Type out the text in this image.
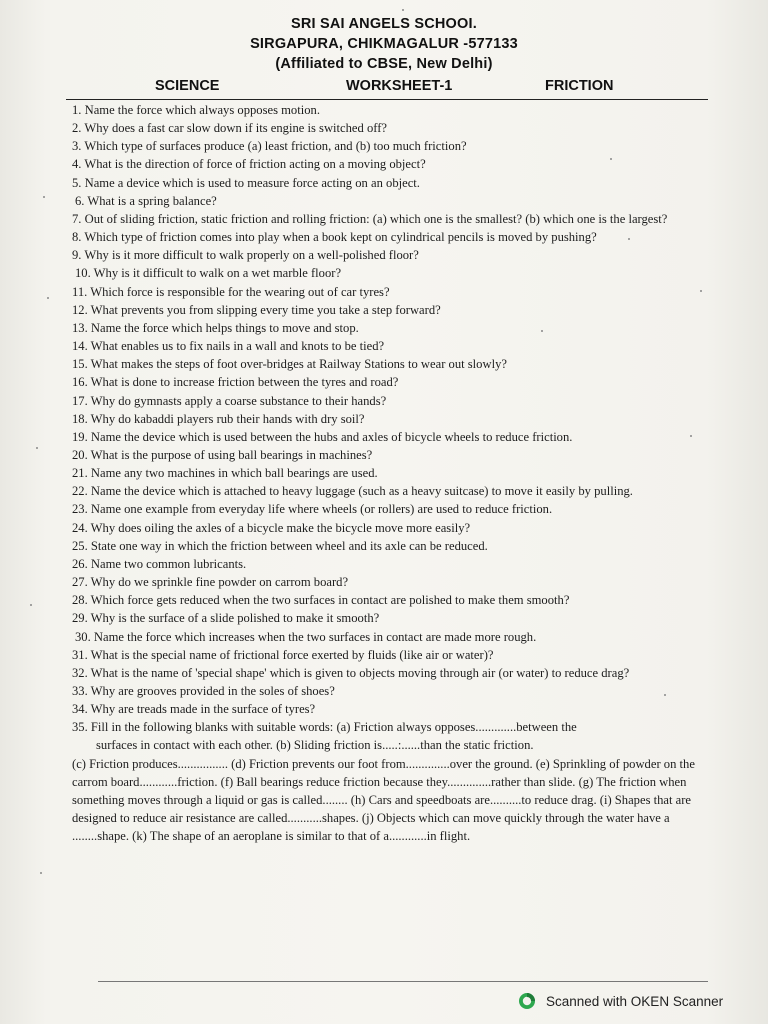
SRI SAI ANGELS SCHOOI.
SIRGAPURA, CHIKMAGALUR -577133
(Affiliated to CBSE, New Delhi)
SCIENCE	WORKSHEET-1	FRICTION
1. Name the force which always opposes motion.
2. Why does a fast car slow down if its engine is switched off?
3. Which type of surfaces produce (a) least friction, and (b) too much friction?
4. What is the direction of force of friction acting on a moving object?
5. Name a device which is used to measure force acting on an object.
6. What is a spring balance?
7. Out of sliding friction, static friction and rolling friction: (a) which one is the smallest? (b) which one is the largest?
8. Which type of friction comes into play when a book kept on cylindrical pencils is moved by pushing?
9. Why is it more difficult to walk properly on a well-polished floor?
10. Why is it difficult to walk on a wet marble floor?
11. Which force is responsible for the wearing out of car tyres?
12. What prevents you from slipping every time you take a step forward?
13. Name the force which helps things to move and stop.
14. What enables us to fix nails in a wall and knots to be tied?
15. What makes the steps of foot over-bridges at Railway Stations to wear out slowly?
16. What is done to increase friction between the tyres and road?
17. Why do gymnasts apply a coarse substance to their hands?
18. Why do kabaddi players rub their hands with dry soil?
19. Name the device which is used between the hubs and axles of bicycle wheels to reduce friction.
20. What is the purpose of using ball bearings in machines?
21. Name any two machines in which ball bearings are used.
22. Name the device which is attached to heavy luggage (such as a heavy suitcase) to move it easily by pulling.
23. Name one example from everyday life where wheels (or rollers) are used to reduce friction.
24. Why does oiling the axles of a bicycle make the bicycle move more easily?
25. State one way in which the friction between wheel and its axle can be reduced.
26. Name two common lubricants.
27. Why do we sprinkle fine powder on carrom board?
28. Which force gets reduced when the two surfaces in contact are polished to make them smooth?
29. Why is the surface of a slide polished to make it smooth?
30. Name the force which increases when the two surfaces in contact are made more rough.
31. What is the special name of frictional force exerted by fluids (like air or water)?
32. What is the name of 'special shape' which is given to objects moving through air (or water) to reduce drag?
33. Why are grooves provided in the soles of shoes?
34. Why are treads made in the surface of tyres?
35. Fill in the following blanks with suitable words: (a) Friction always opposes.............between the
surfaces in contact with each other. (b) Sliding friction is.....:......than the static friction.
(c) Friction produces................ (d) Friction prevents our foot from..............over the ground. (e) Sprinkling of powder on the carrom board............friction. (f) Ball bearings reduce friction because they..............rather than slide. (g) The friction when something moves through a liquid or gas is called........ (h) Cars and speedboats are..........to reduce drag. (i) Shapes that are designed to reduce air resistance are called...........shapes. (j) Objects which can move quickly through the water have a ........shape. (k) The shape of an aeroplane is similar to that of a............in flight.
Scanned with OKEN Scanner
